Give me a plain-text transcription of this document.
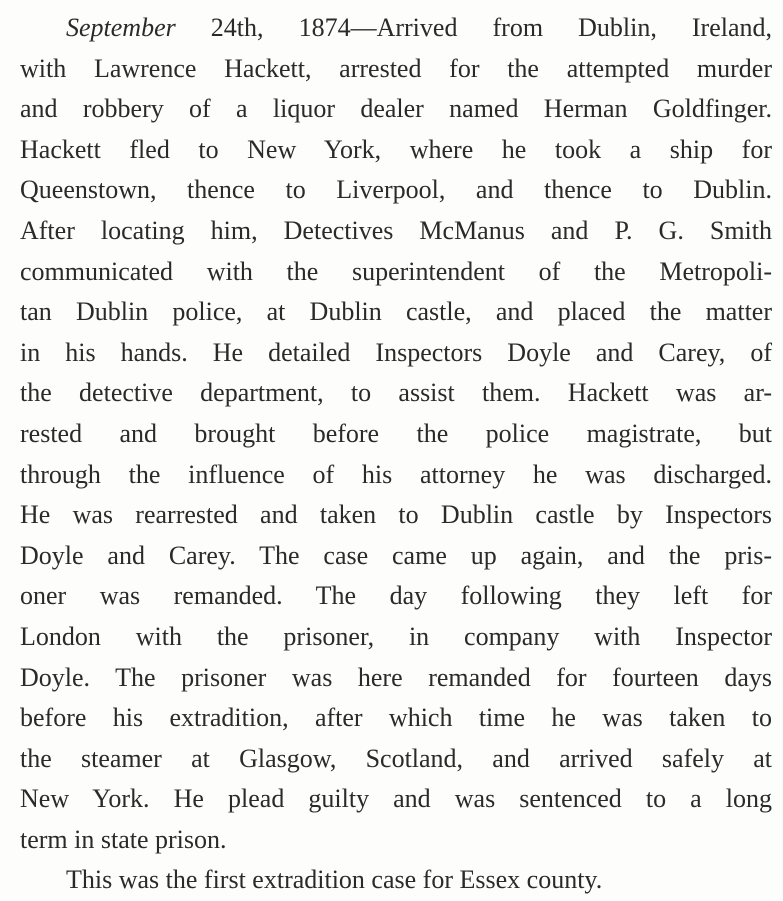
September 24th, 1874—Arrived from Dublin, Ireland,
with Lawrence Hackett, arrested for the attempted murder
and robbery of a liquor dealer named Herman Goldfinger.
Hackett fled to New York, where he took a ship for
Queenstown, thence to Liverpool, and thence to Dublin.
After locating him, Detectives McManus and P. G. Smith
communicated with the superintendent of the Metropoli-
tan Dublin police, at Dublin castle, and placed the matter
in his hands. He detailed Inspectors Doyle and Carey, of
the detective department, to assist them. Hackett was ar-
rested and brought before the police magistrate, but
through the influence of his attorney he was discharged.
He was rearrested and taken to Dublin castle by Inspectors
Doyle and Carey. The case came up again, and the pris-
oner was remanded. The day following they left for
London with the prisoner, in company with Inspector
Doyle. The prisoner was here remanded for fourteen days
before his extradition, after which time he was taken to
the steamer at Glasgow, Scotland, and arrived safely at
New York. He plead guilty and was sentenced to a long
term in state prison.
This was the first extradition case for Essex county.
